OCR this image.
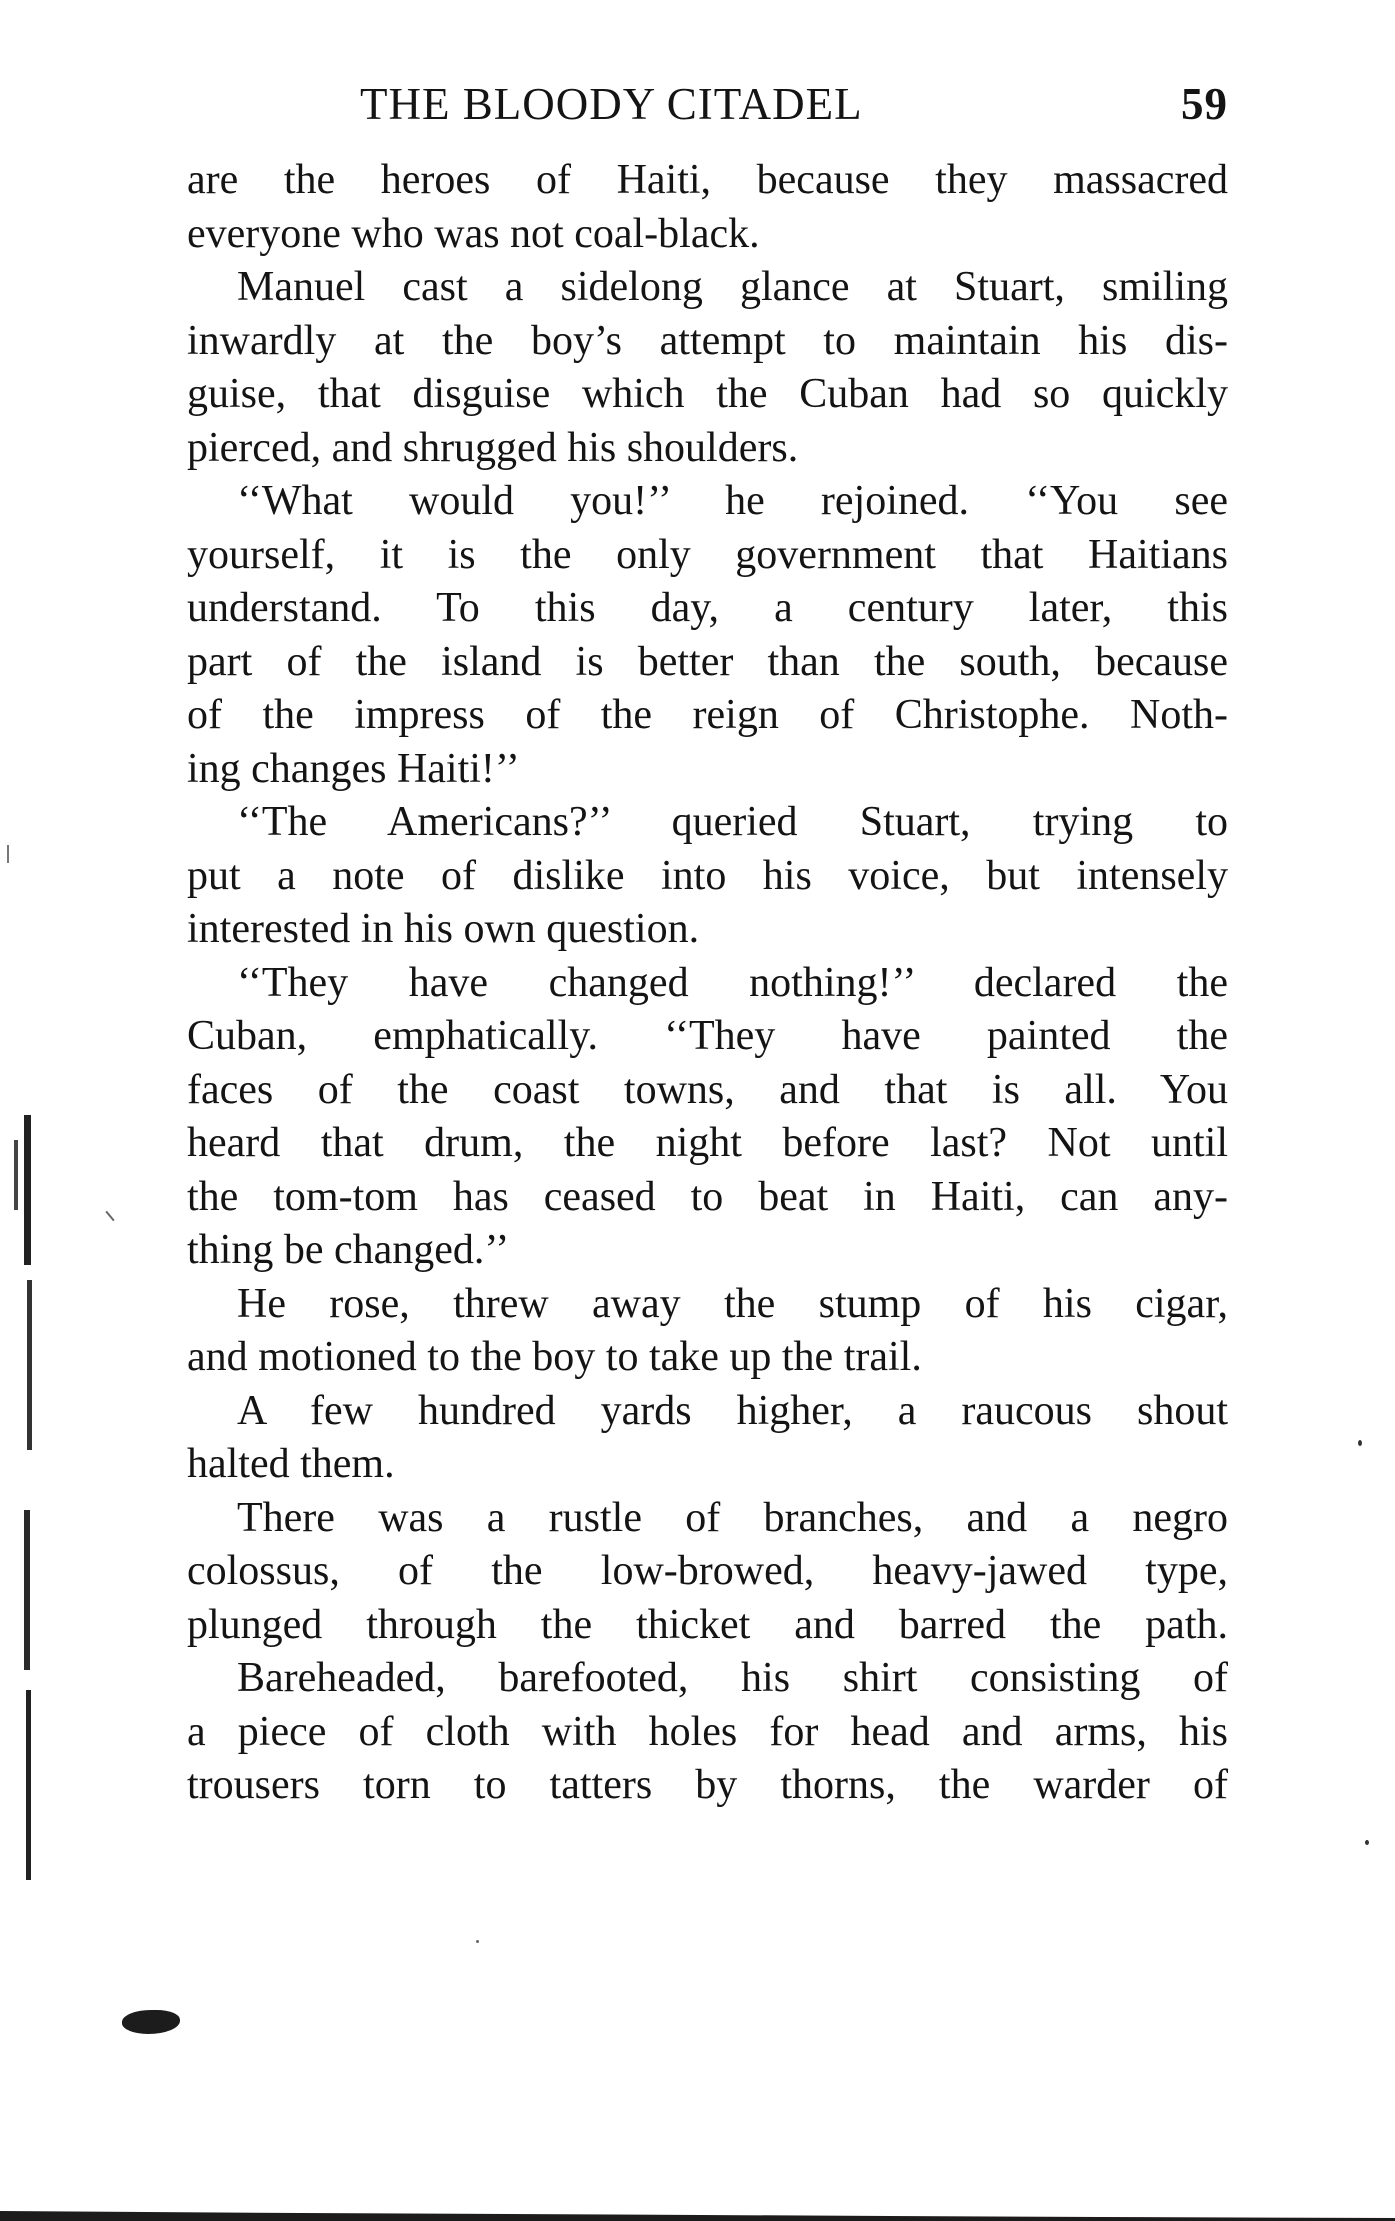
THE BLOODY CITADEL	59
are the heroes of Haiti, because they massacred
everyone who was not coal-black.
Manuel cast a sidelong glance at Stuart, smiling
inwardly at the boy’s attempt to maintain his dis-
guise, that disguise which the Cuban had so quickly
pierced, and shrugged his shoulders.
‘‘What would you!’’ he rejoined. ‘‘You see
yourself, it is the only government that Haitians
understand. To this day, a century later, this
part of the island is better than the south, because
of the impress of the reign of Christophe. Noth-
ing changes Haiti!’’
‘‘The Americans?’’ queried Stuart, trying to
put a note of dislike into his voice, but intensely
interested in his own question.
‘‘They have changed nothing!’’ declared the
Cuban, emphatically. ‘‘They have painted the
faces of the coast towns, and that is all. You
heard that drum, the night before last? Not until
the tom-tom has ceased to beat in Haiti, can any-
thing be changed.’’
He rose, threw away the stump of his cigar,
and motioned to the boy to take up the trail.
A few hundred yards higher, a raucous shout
halted them.
There was a rustle of branches, and a negro
colossus, of the low-browed, heavy-jawed type,
plunged through the thicket and barred the path.
Bareheaded, barefooted, his shirt consisting of
a piece of cloth with holes for head and arms, his
trousers torn to tatters by thorns, the warder of
